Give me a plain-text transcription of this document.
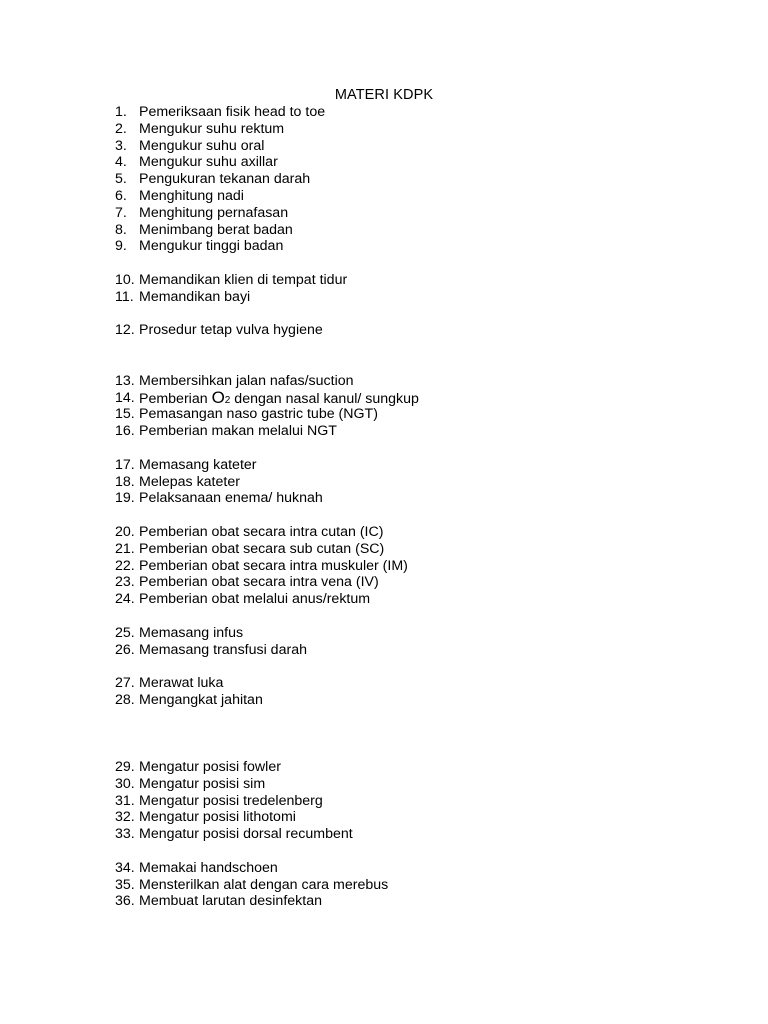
MATERI KDPK
1. Pemeriksaan fisik head to toe
2. Mengukur suhu rektum
3. Mengukur suhu oral
4. Mengukur suhu axillar
5. Pengukuran tekanan darah
6. Menghitung nadi
7. Menghitung pernafasan
8. Menimbang berat badan
9. Mengukur tinggi badan
10. Memandikan klien di tempat tidur
11. Memandikan bayi
12. Prosedur tetap vulva hygiene
13. Membersihkan jalan nafas/suction
14. Pemberian O2 dengan nasal kanul/ sungkup
15. Pemasangan naso gastric tube (NGT)
16. Pemberian makan melalui NGT
17. Memasang kateter
18. Melepas kateter
19. Pelaksanaan enema/ huknah
20. Pemberian obat secara intra cutan (IC)
21. Pemberian obat secara sub cutan (SC)
22. Pemberian obat secara intra muskuler (IM)
23. Pemberian obat secara intra vena (IV)
24. Pemberian obat melalui anus/rektum
25. Memasang infus
26. Memasang transfusi darah
27. Merawat luka
28. Mengangkat jahitan
29. Mengatur posisi fowler
30. Mengatur posisi sim
31. Mengatur posisi tredelenberg
32. Mengatur posisi lithotomi
33. Mengatur posisi dorsal recumbent
34. Memakai handschoen
35. Mensterilkan alat dengan cara merebus
36. Membuat larutan desinfektan
